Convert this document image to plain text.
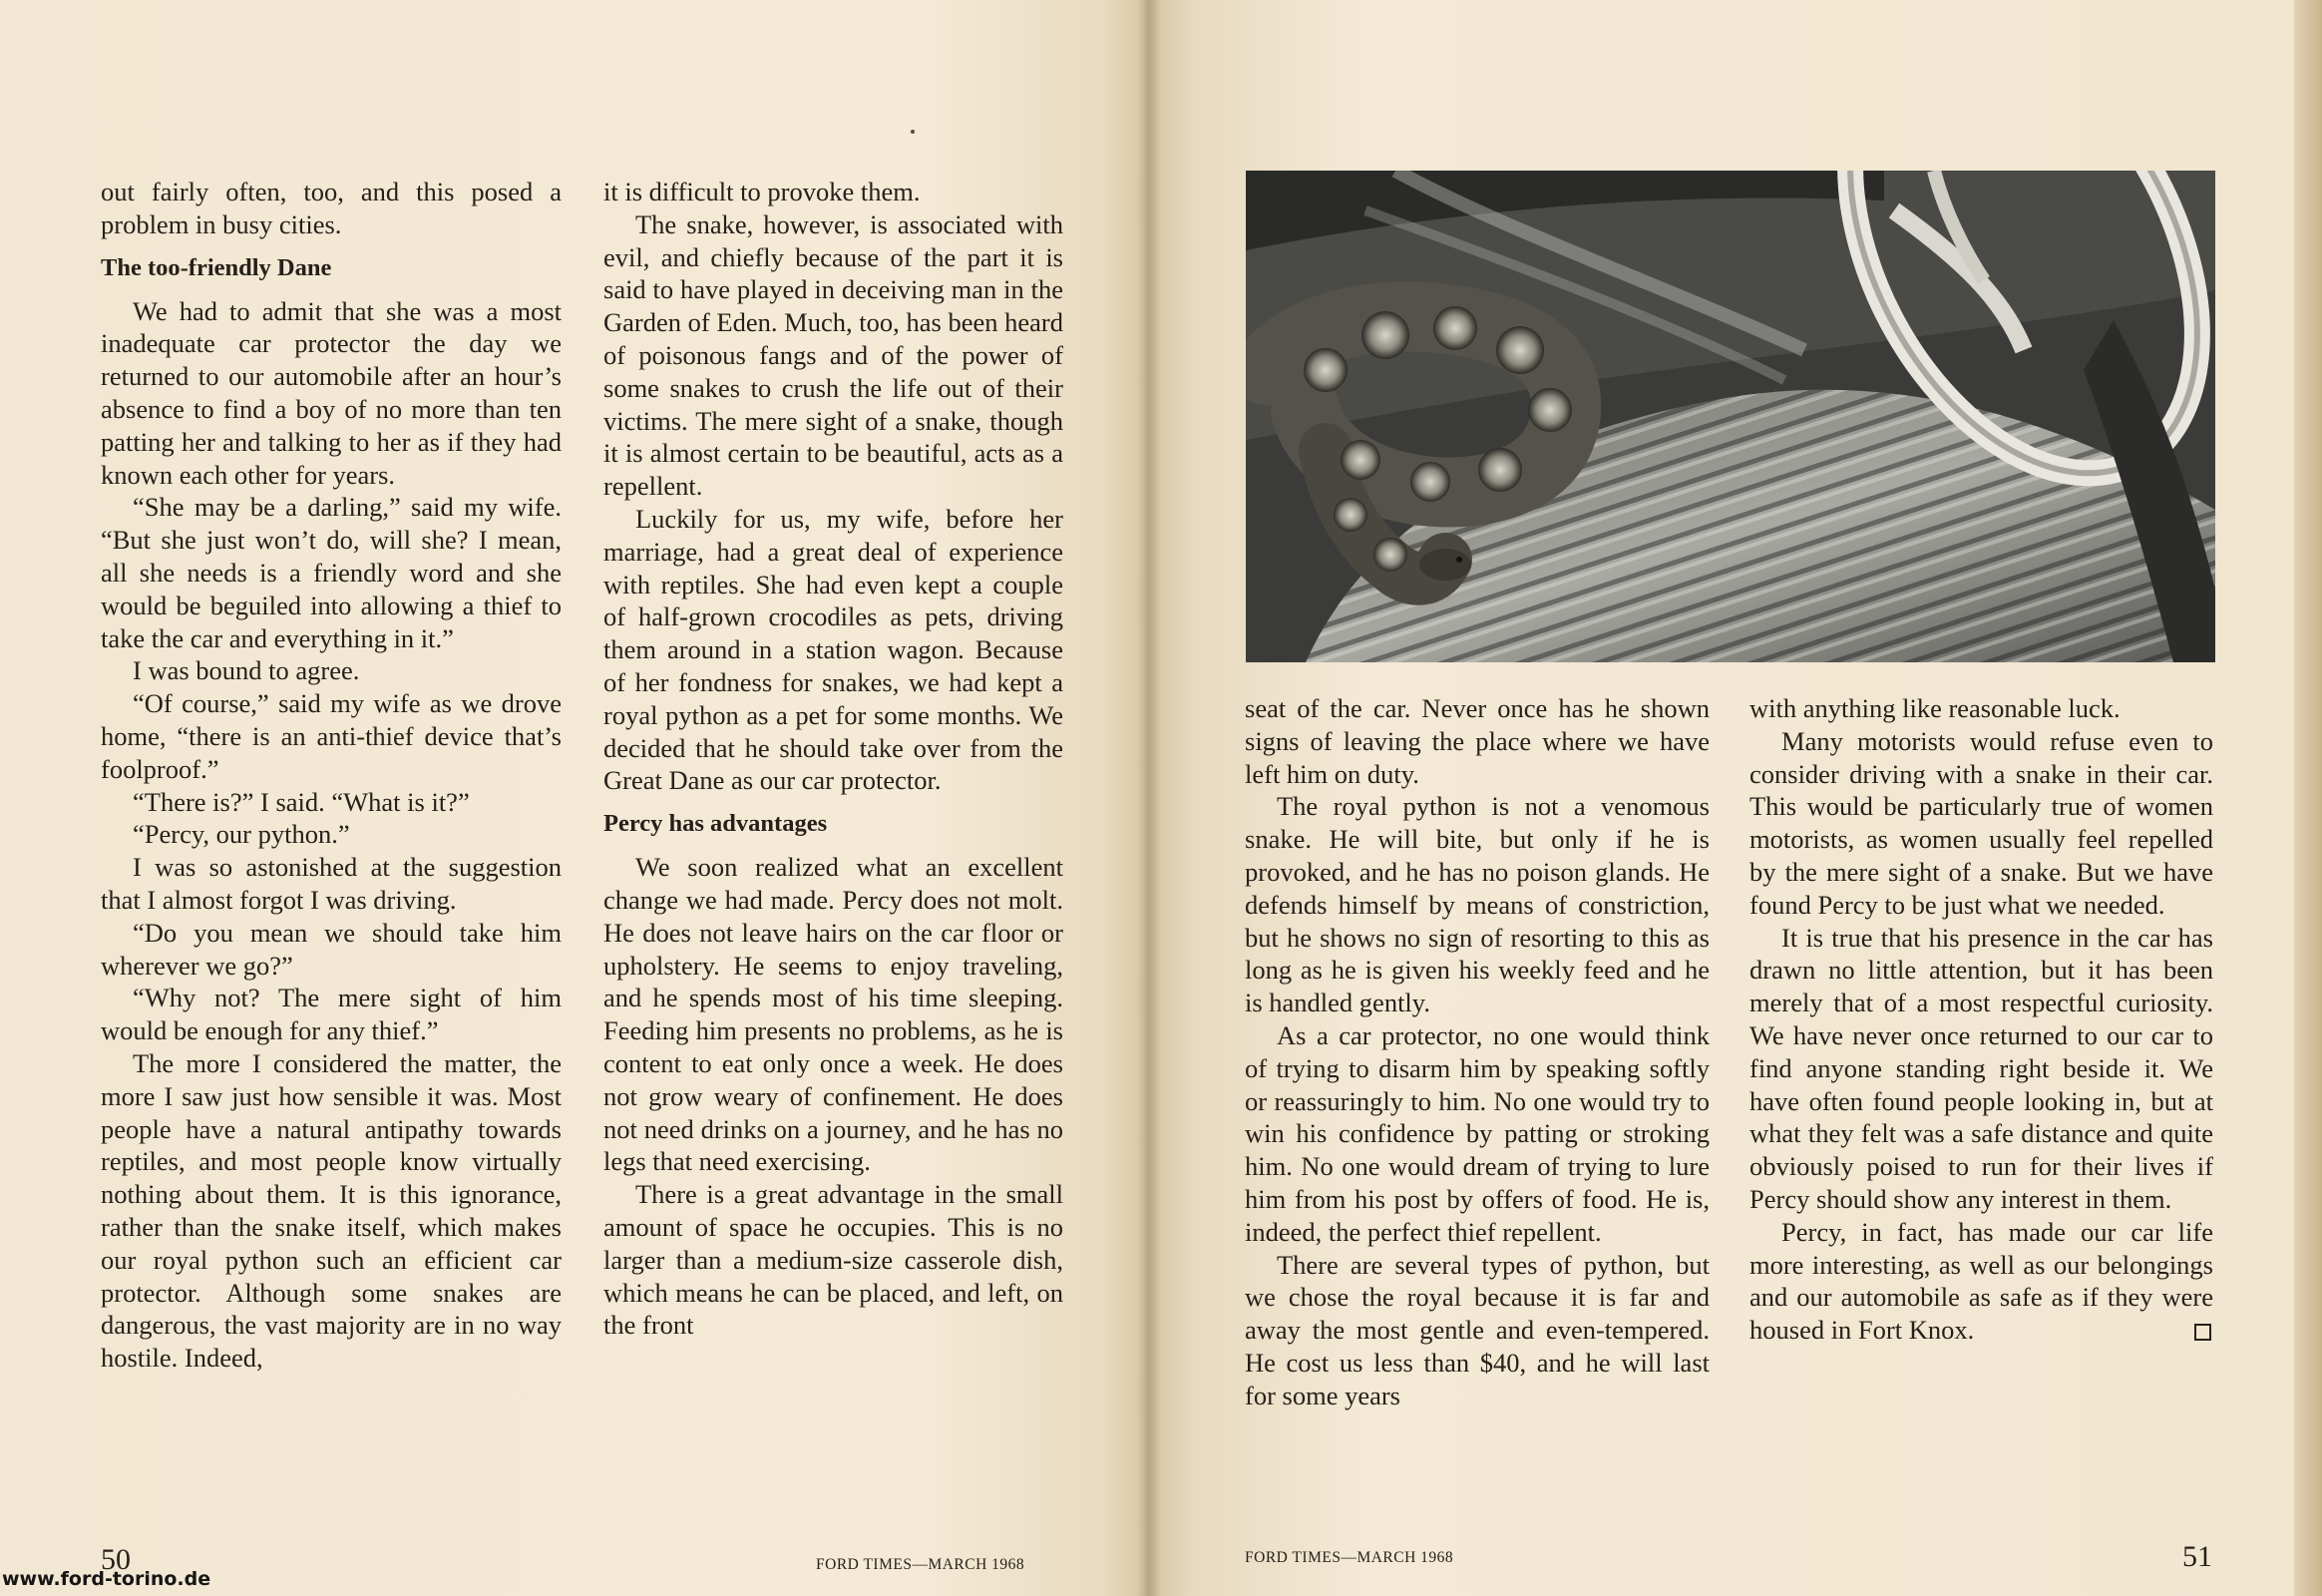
out fairly often, too, and this posed a problem in busy cities.

The too-friendly Dane

We had to admit that she was a most inadequate car protector the day we returned to our automobile after an hour’s absence to find a boy of no more than ten patting her and talking to her as if they had known each other for years.

“She may be a darling,” said my wife. “But she just won’t do, will she? I mean, all she needs is a friendly word and she would be beguiled into allowing a thief to take the car and everything in it.”

I was bound to agree.

“Of course,” said my wife as we drove home, “there is an anti-thief device that’s foolproof.”

“There is?” I said. “What is it?”

“Percy, our python.”

I was so astonished at the suggestion that I almost forgot I was driving.

“Do you mean we should take him wherever we go?”

“Why not? The mere sight of him would be enough for any thief.”

The more I considered the matter, the more I saw just how sensible it was. Most people have a natural antipathy towards reptiles, and most people know virtually nothing about them. It is this ignorance, rather than the snake itself, which makes our royal python such an efficient car protector. Although some snakes are dangerous, the vast majority are in no way hostile. Indeed,

it is difficult to provoke them.

The snake, however, is associated with evil, and chiefly because of the part it is said to have played in deceiving man in the Garden of Eden. Much, too, has been heard of poisonous fangs and of the power of some snakes to crush the life out of their victims. The mere sight of a snake, though it is almost certain to be beautiful, acts as a repellent.

Luckily for us, my wife, before her marriage, had a great deal of experience with reptiles. She had even kept a couple of half-grown crocodiles as pets, driving them around in a station wagon. Because of her fondness for snakes, we had kept a royal python as a pet for some months. We decided that he should take over from the Great Dane as our car protector.

Percy has advantages

We soon realized what an excellent change we had made. Percy does not molt. He does not leave hairs on the car floor or upholstery. He seems to enjoy traveling, and he spends most of his time sleeping. Feeding him presents no problems, as he is content to eat only once a week. He does not grow weary of confinement. He does not need drinks on a journey, and he has no legs that need exercising.

There is a great advantage in the small amount of space he occupies. This is no larger than a medium-size casserole dish, which means he can be placed, and left, on the front

50	FORD TIMES—MARCH 1968

seat of the car. Never once has he shown signs of leaving the place where we have left him on duty.

The royal python is not a venomous snake. He will bite, but only if he is provoked, and he has no poison glands. He defends himself by means of constriction, but he shows no sign of resorting to this as long as he is given his weekly feed and he is handled gently.

As a car protector, no one would think of trying to disarm him by speaking softly or reassuringly to him. No one would try to win his confidence by patting or stroking him. No one would dream of trying to lure him from his post by offers of food. He is, indeed, the perfect thief repellent.

There are several types of python, but we chose the royal because it is far and away the most gentle and even-tempered. He cost us less than $40, and he will last for some years

with anything like reasonable luck.

Many motorists would refuse even to consider driving with a snake in their car. This would be particularly true of women motorists, as women usually feel repelled by the mere sight of a snake. But we have found Percy to be just what we needed.

It is true that his presence in the car has drawn no little attention, but it has been merely that of a most respectful curiosity. We have never once returned to our car to find anyone standing right beside it. We have often found people looking in, but at what they felt was a safe distance and quite obviously poised to run for their lives if Percy should show any interest in them.

Percy, in fact, has made our car life more interesting, as well as our belongings and our automobile as safe as if they were housed in Fort Knox.

FORD TIMES—MARCH 1968	51
www.ford-torino.de
